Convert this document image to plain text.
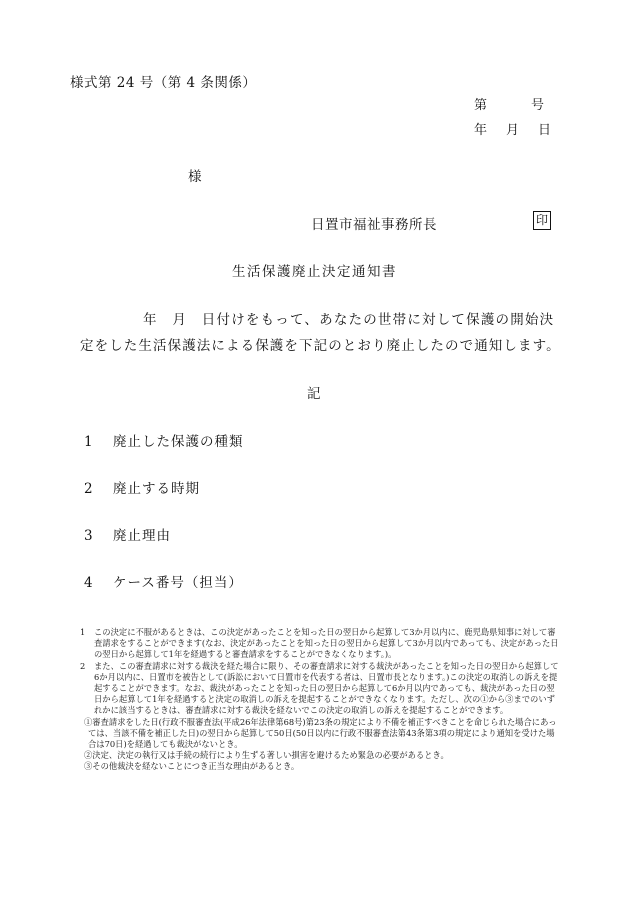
様式第 24 号（第 4 条関係）
第	号
年 月 日
様
日置市福祉事務所長	印
生活保護廃止決定通知書
年　月　日付けをもって、あなたの世帯に対して保護の開始決
定をした生活保護法による保護を下記のとおり廃止したので通知します。
記
1 廃止した保護の種類
2 廃止する時期
3 廃止理由
4 ケース番号（担当）

1 この決定に不服があるときは、この決定があったことを知った日の翌日から起算して3か月以内に、鹿児島県知事に対して審査請求をすることができます(なお、決定があったことを知った日の翌日から起算して3か月以内であっても、決定があった日の翌日から起算して1年を経過すると審査請求をすることができなくなります。)。

2 また、この審査請求に対する裁決を経た場合に限り、その審査請求に対する裁決があったことを知った日の翌日から起算して6か月以内に、日置市を被告として(訴訟において日置市を代表する者は、日置市長となります。)この決定の取消しの訴えを提起することができます。なお、裁決があったことを知った日の翌日から起算して6か月以内であっても、裁決があった日の翌日から起算して1年を経過すると決定の取消しの訴えを提起することができなくなります。ただし、次の①から③までのいずれかに該当するときは、審査請求に対する裁決を経ないでこの決定の取消しの訴えを提起することができます。

①審査請求をした日(行政不服審査法(平成26年法律第68号)第23条の規定により不備を補正すべきことを命じられた場合にあっては、当該不備を補正した日)の翌日から起算して50日(50日以内に行政不服審査法第43条第3項の規定により通知を受けた場合は70日)を経過しても裁決がないとき。

②決定、決定の執行又は手続の続行により生ずる著しい損害を避けるため緊急の必要があるとき。

③その他裁決を経ないことにつき正当な理由があるとき。
